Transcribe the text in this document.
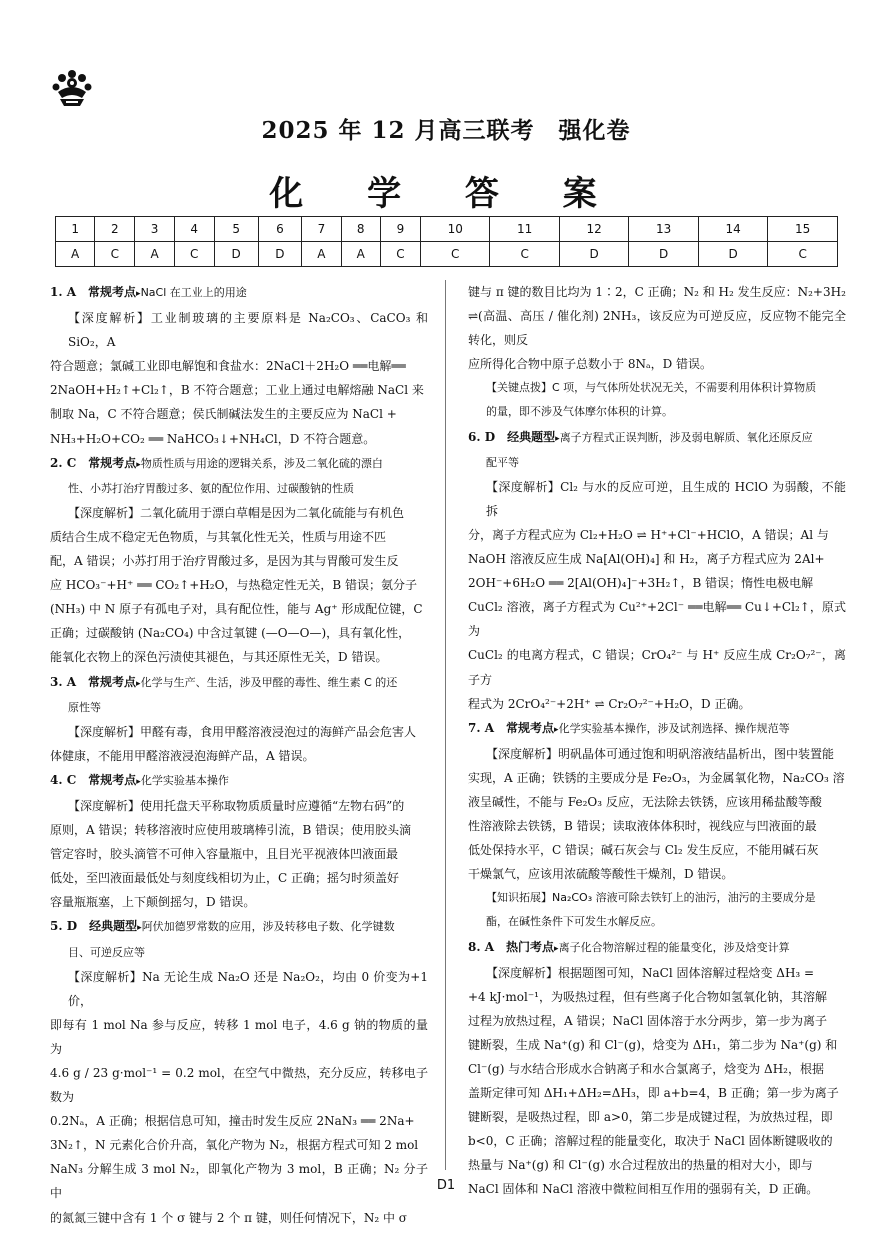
2025 年 12 月高三联考　强化卷
化 学 答 案
1	2	3	4	5	6	7	8	9	10	11	12	13	14	15
A	C	A	C	D	D	A	A	C	C	C	D	D	D	C

1. A　 常规考点▸NaCl 在工业上的用途

【深度解析】工业制玻璃的主要原料是 Na₂CO₃、CaCO₃ 和 SiO₂，A

符合题意；氯碱工业即电解饱和食盐水：2NaCl＋2H₂O ══电解══

2NaOH+H₂↑+Cl₂↑，B 不符合题意；工业上通过电解熔融 NaCl 来

制取 Na，C 不符合题意；侯氏制碱法发生的主要反应为 NaCl +

NH₃+H₂O+CO₂ ══ NaHCO₃↓+NH₄Cl，D 不符合题意。

2. C　 常规考点▸物质性质与用途的逻辑关系，涉及二氧化硫的漂白

性、小苏打治疗胃酸过多、氨的配位作用、过碳酸钠的性质

【深度解析】二氧化硫用于漂白草帽是因为二氧化硫能与有机色

质结合生成不稳定无色物质，与其氧化性无关，性质与用途不匹

配，A 错误；小苏打用于治疗胃酸过多，是因为其与胃酸可发生反

应 HCO₃⁻+H⁺ ══ CO₂↑+H₂O，与热稳定性无关，B 错误；氨分子

(NH₃) 中 N 原子有孤电子对，具有配位性，能与 Ag⁺ 形成配位键，C

正确；过碳酸钠 (Na₂CO₄) 中含过氧键 (—O—O—)，具有氧化性，

能氧化衣物上的深色污渍使其褪色，与其还原性无关，D 错误。

3. A　 常规考点▸化学与生产、生活，涉及甲醛的毒性、维生素 C 的还

原性等

【深度解析】甲醛有毒，食用甲醛溶液浸泡过的海鲜产品会危害人

体健康，不能用甲醛溶液浸泡海鲜产品，A 错误。

4. C　 常规考点▸化学实验基本操作

【深度解析】使用托盘天平称取物质质量时应遵循“左物右码”的

原则，A 错误；转移溶液时应使用玻璃棒引流，B 错误；使用胶头滴

管定容时，胶头滴管不可伸入容量瓶中，且目光平视液体凹液面最

低处，至凹液面最低处与刻度线相切为止，C 正确；摇匀时须盖好

容量瓶瓶塞，上下颠倒摇匀，D 错误。

5. D　 经典题型▸阿伏加德罗常数的应用，涉及转移电子数、化学键数

目、可逆反应等

【深度解析】Na 无论生成 Na₂O 还是 Na₂O₂，均由 0 价变为+1 价，

即每有 1 mol Na 参与反应，转移 1 mol 电子，4.6 g 钠的物质的量为

4.6 g / 23 g·mol⁻¹ = 0.2 mol，在空气中微热，充分反应，转移电子数为

0.2Nₐ，A 正确；根据信息可知，撞击时发生反应 2NaN₃ ══ 2Na+

3N₂↑，N 元素化合价升高，氧化产物为 N₂，根据方程式可知 2 mol

NaN₃ 分解生成 3 mol N₂，即氧化产物为 3 mol，B 正确；N₂ 分子中

的氮氮三键中含有 1 个 σ 键与 2 个 π 键，则任何情况下，N₂ 中 σ

键与 π 键的数目比均为 1∶2，C 正确；N₂ 和 H₂ 发生反应：N₂+3H₂

⇌(高温、高压 / 催化剂) 2NH₃，该反应为可逆反应，反应物不能完全转化，则反

应所得化合物中原子总数小于 8Nₐ，D 错误。

【关键点拨】C 项，与气体所处状况无关，不需要利用体积计算物质

的量，即不涉及气体摩尔体积的计算。

6. D　 经典题型▸离子方程式正误判断，涉及弱电解质、氧化还原反应

配平等

【深度解析】Cl₂ 与水的反应可逆，且生成的 HClO 为弱酸，不能拆

分，离子方程式应为 Cl₂+H₂O ⇌ H⁺+Cl⁻+HClO，A 错误；Al 与

NaOH 溶液反应生成 Na[Al(OH)₄] 和 H₂，离子方程式应为 2Al+

2OH⁻+6H₂O ══ 2[Al(OH)₄]⁻+3H₂↑，B 错误；惰性电极电解

CuCl₂ 溶液，离子方程式为 Cu²⁺+2Cl⁻ ══电解══ Cu↓+Cl₂↑，原式为

CuCl₂ 的电离方程式，C 错误；CrO₄²⁻ 与 H⁺ 反应生成 Cr₂O₇²⁻，离子方

程式为 2CrO₄²⁻+2H⁺ ⇌ Cr₂O₇²⁻+H₂O，D 正确。

7. A　 常规考点▸化学实验基本操作，涉及试剂选择、操作规范等

【深度解析】明矾晶体可通过饱和明矾溶液结晶析出，图中装置能

实现，A 正确；铁锈的主要成分是 Fe₂O₃，为金属氧化物，Na₂CO₃ 溶

液呈碱性，不能与 Fe₂O₃ 反应，无法除去铁锈，应该用稀盐酸等酸

性溶液除去铁锈，B 错误；读取液体体积时，视线应与凹液面的最

低处保持水平，C 错误；碱石灰会与 Cl₂ 发生反应，不能用碱石灰

干燥氯气，应该用浓硫酸等酸性干燥剂，D 错误。

【知识拓展】Na₂CO₃ 溶液可除去铁钉上的油污，油污的主要成分是

酯，在碱性条件下可发生水解反应。

8. A　 热门考点▸离子化合物溶解过程的能量变化，涉及焓变计算

【深度解析】根据题图可知，NaCl 固体溶解过程焓变 ΔH₃ =

+4 kJ·mol⁻¹，为吸热过程，但有些离子化合物如氢氧化钠，其溶解

过程为放热过程，A 错误；NaCl 固体溶于水分两步，第一步为离子

键断裂，生成 Na⁺(g) 和 Cl⁻(g)，焓变为 ΔH₁，第二步为 Na⁺(g) 和

Cl⁻(g) 与水结合形成水合钠离子和水合氯离子，焓变为 ΔH₂，根据

盖斯定律可知 ΔH₁+ΔH₂=ΔH₃，即 a+b=4，B 正确；第一步为离子

键断裂，是吸热过程，即 a>0，第二步是成键过程，为放热过程，即

b<0，C 正确；溶解过程的能量变化，取决于 NaCl 固体断键吸收的

热量与 Na⁺(g) 和 Cl⁻(g) 水合过程放出的热量的相对大小，即与

NaCl 固体和 NaCl 溶液中微粒间相互作用的强弱有关，D 正确。

D1
